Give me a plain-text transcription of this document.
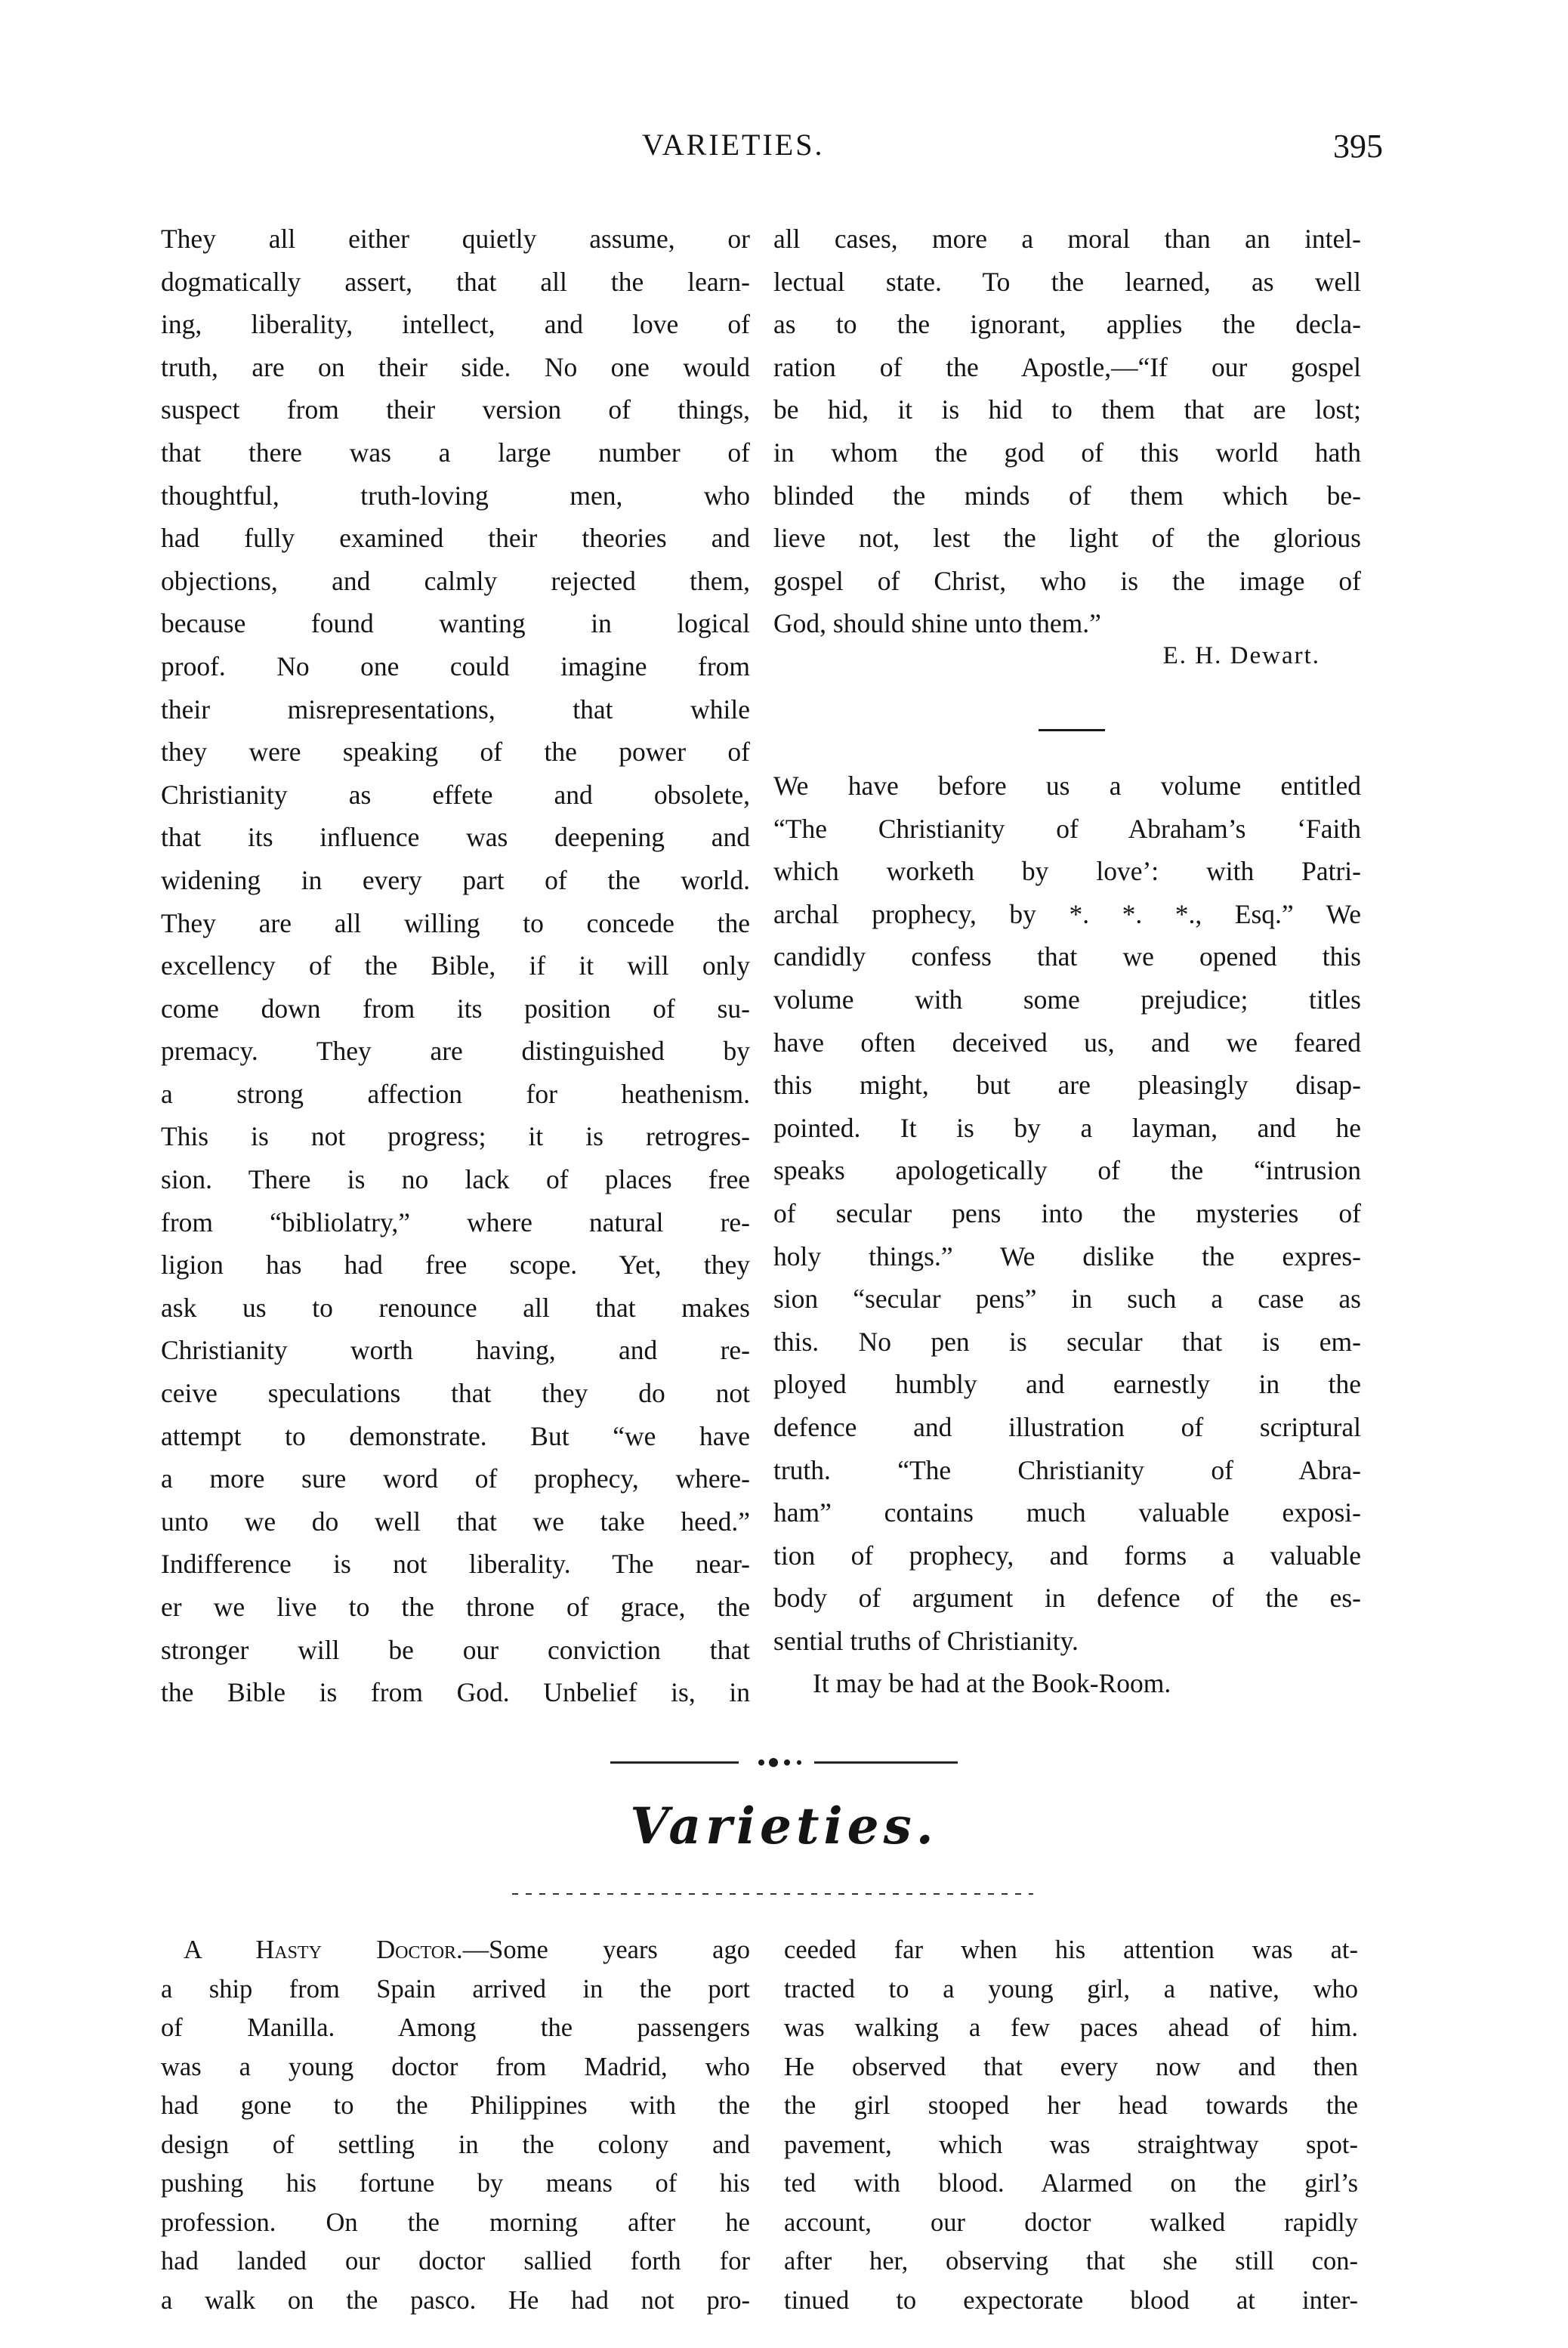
VARIETIES.	395
They all either quietly assume, or
dogmatically assert, that all the learn-
ing, liberality, intellect, and love of
truth, are on their side. No one would
suspect from their version of things,
that there was a large number of
thoughtful, truth-loving men, who
had fully examined their theories and
objections, and calmly rejected them,
because found wanting in logical
proof. No one could imagine from
their misrepresentations, that while
they were speaking of the power of
Christianity as effete and obsolete,
that its influence was deepening and
widening in every part of the world.
They are all willing to concede the
excellency of the Bible, if it will only
come down from its position of su-
premacy. They are distinguished by
a strong affection for heathenism.
This is not progress; it is retrogres-
sion. There is no lack of places free
from “bibliolatry,” where natural re-
ligion has had free scope. Yet, they
ask us to renounce all that makes
Christianity worth having, and re-
ceive speculations that they do not
attempt to demonstrate. But “we have
a more sure word of prophecy, where-
unto we do well that we take heed.”
Indifference is not liberality. The near-
er we live to the throne of grace, the
stronger will be our conviction that
the Bible is from God. Unbelief is, in
all cases, more a moral than an intel-
lectual state. To the learned, as well
as to the ignorant, applies the decla-
ration of the Apostle,—“If our gospel
be hid, it is hid to them that are lost;
in whom the god of this world hath
blinded the minds of them which be-
lieve not, lest the light of the glorious
gospel of Christ, who is the image of
God, should shine unto them.”
E. H. Dewart.
We have before us a volume entitled
“The Christianity of Abraham’s ‘Faith
which worketh by love’: with Patri-
archal prophecy, by *. *. *., Esq.” We
candidly confess that we opened this
volume with some prejudice; titles
have often deceived us, and we feared
this might, but are pleasingly disap-
pointed. It is by a layman, and he
speaks apologetically of the “intrusion
of secular pens into the mysteries of
holy things.” We dislike the expres-
sion “secular pens” in such a case as
this. No pen is secular that is em-
ployed humbly and earnestly in the
defence and illustration of scriptural
truth. “The Christianity of Abra-
ham” contains much valuable exposi-
tion of prophecy, and forms a valuable
body of argument in defence of the es-
sential truths of Christianity.
It may be had at the Book-Room.
Varieties.
A Hasty Doctor.—Some years ago
a ship from Spain arrived in the port
of Manilla. Among the passengers
was a young doctor from Madrid, who
had gone to the Philippines with the
design of settling in the colony and
pushing his fortune by means of his
profession. On the morning after he
had landed our doctor sallied forth for
a walk on the pasco. He had not pro-
ceeded far when his attention was at-
tracted to a young girl, a native, who
was walking a few paces ahead of him.
He observed that every now and then
the girl stooped her head towards the
pavement, which was straightway spot-
ted with blood. Alarmed on the girl’s
account, our doctor walked rapidly
after her, observing that she still con-
tinued to expectorate blood at inter-
